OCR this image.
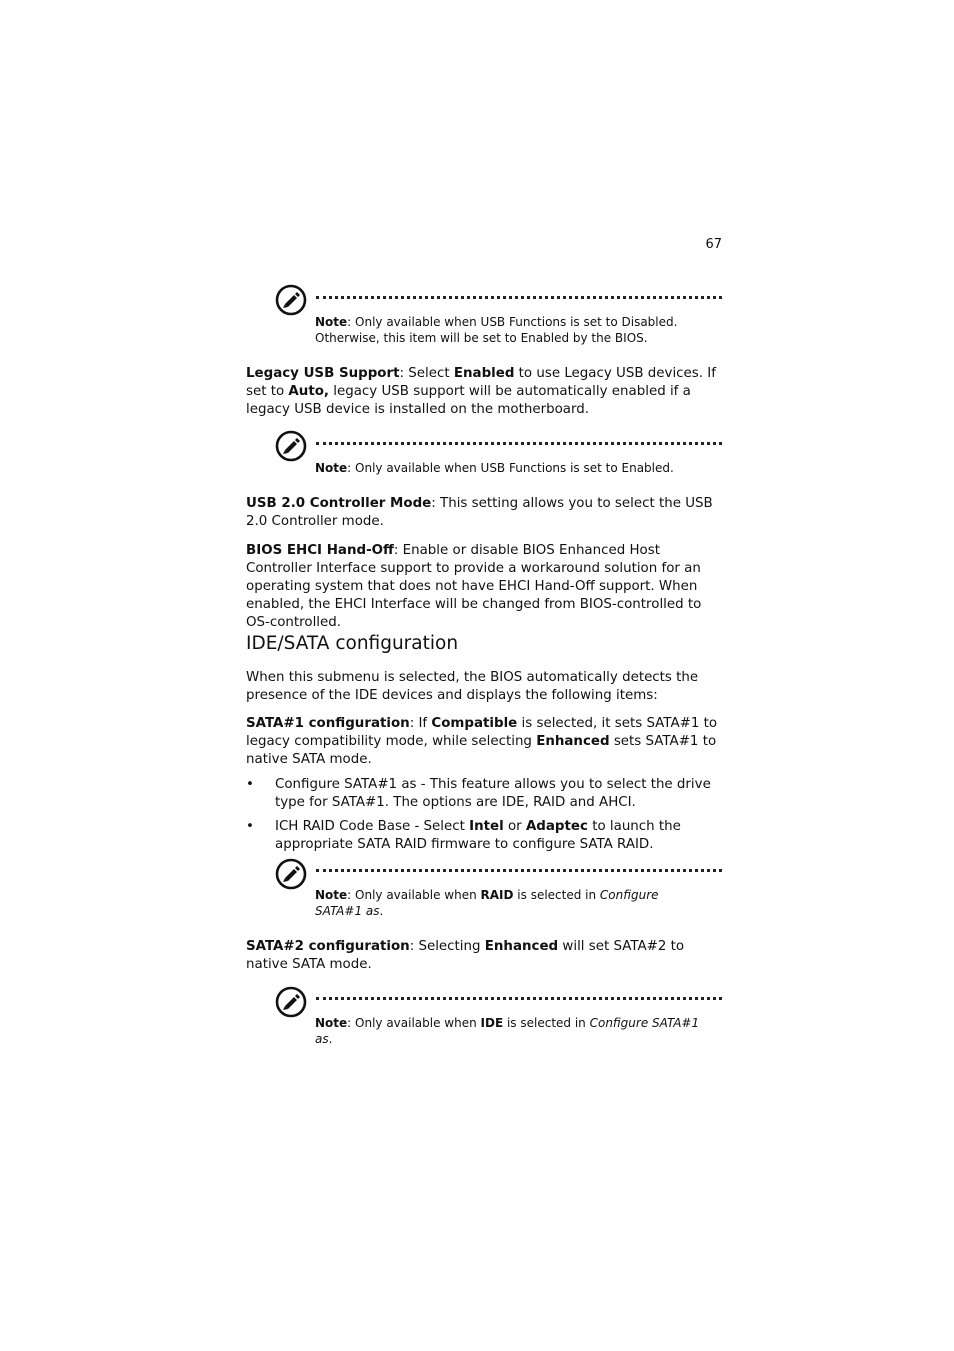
67
Note: Only available when USB Functions is set to Disabled. Otherwise, this item will be set to Enabled by the BIOS.
Legacy USB Support: Select Enabled to use Legacy USB devices. If set to Auto, legacy USB support will be automatically enabled if a legacy USB device is installed on the motherboard.
Note: Only available when USB Functions is set to Enabled.
USB 2.0 Controller Mode: This setting allows you to select the USB 2.0 Controller mode.
BIOS EHCI Hand-Off: Enable or disable BIOS Enhanced Host Controller Interface support to provide a workaround solution for an operating system that does not have EHCI Hand-Off support. When enabled, the EHCI Interface will be changed from BIOS-controlled to OS-controlled.
IDE/SATA configuration
When this submenu is selected, the BIOS automatically detects the presence of the IDE devices and displays the following items:
SATA#1 configuration: If Compatible is selected, it sets SATA#1 to legacy compatibility mode, while selecting Enhanced sets SATA#1 to native SATA mode.
• Configure SATA#1 as - This feature allows you to select the drive type for SATA#1. The options are IDE, RAID and AHCI.
• ICH RAID Code Base - Select Intel or Adaptec to launch the appropriate SATA RAID firmware to configure SATA RAID.
Note: Only available when RAID is selected in Configure SATA#1 as.
SATA#2 configuration: Selecting Enhanced will set SATA#2 to native SATA mode.
Note: Only available when IDE is selected in Configure SATA#1 as.
